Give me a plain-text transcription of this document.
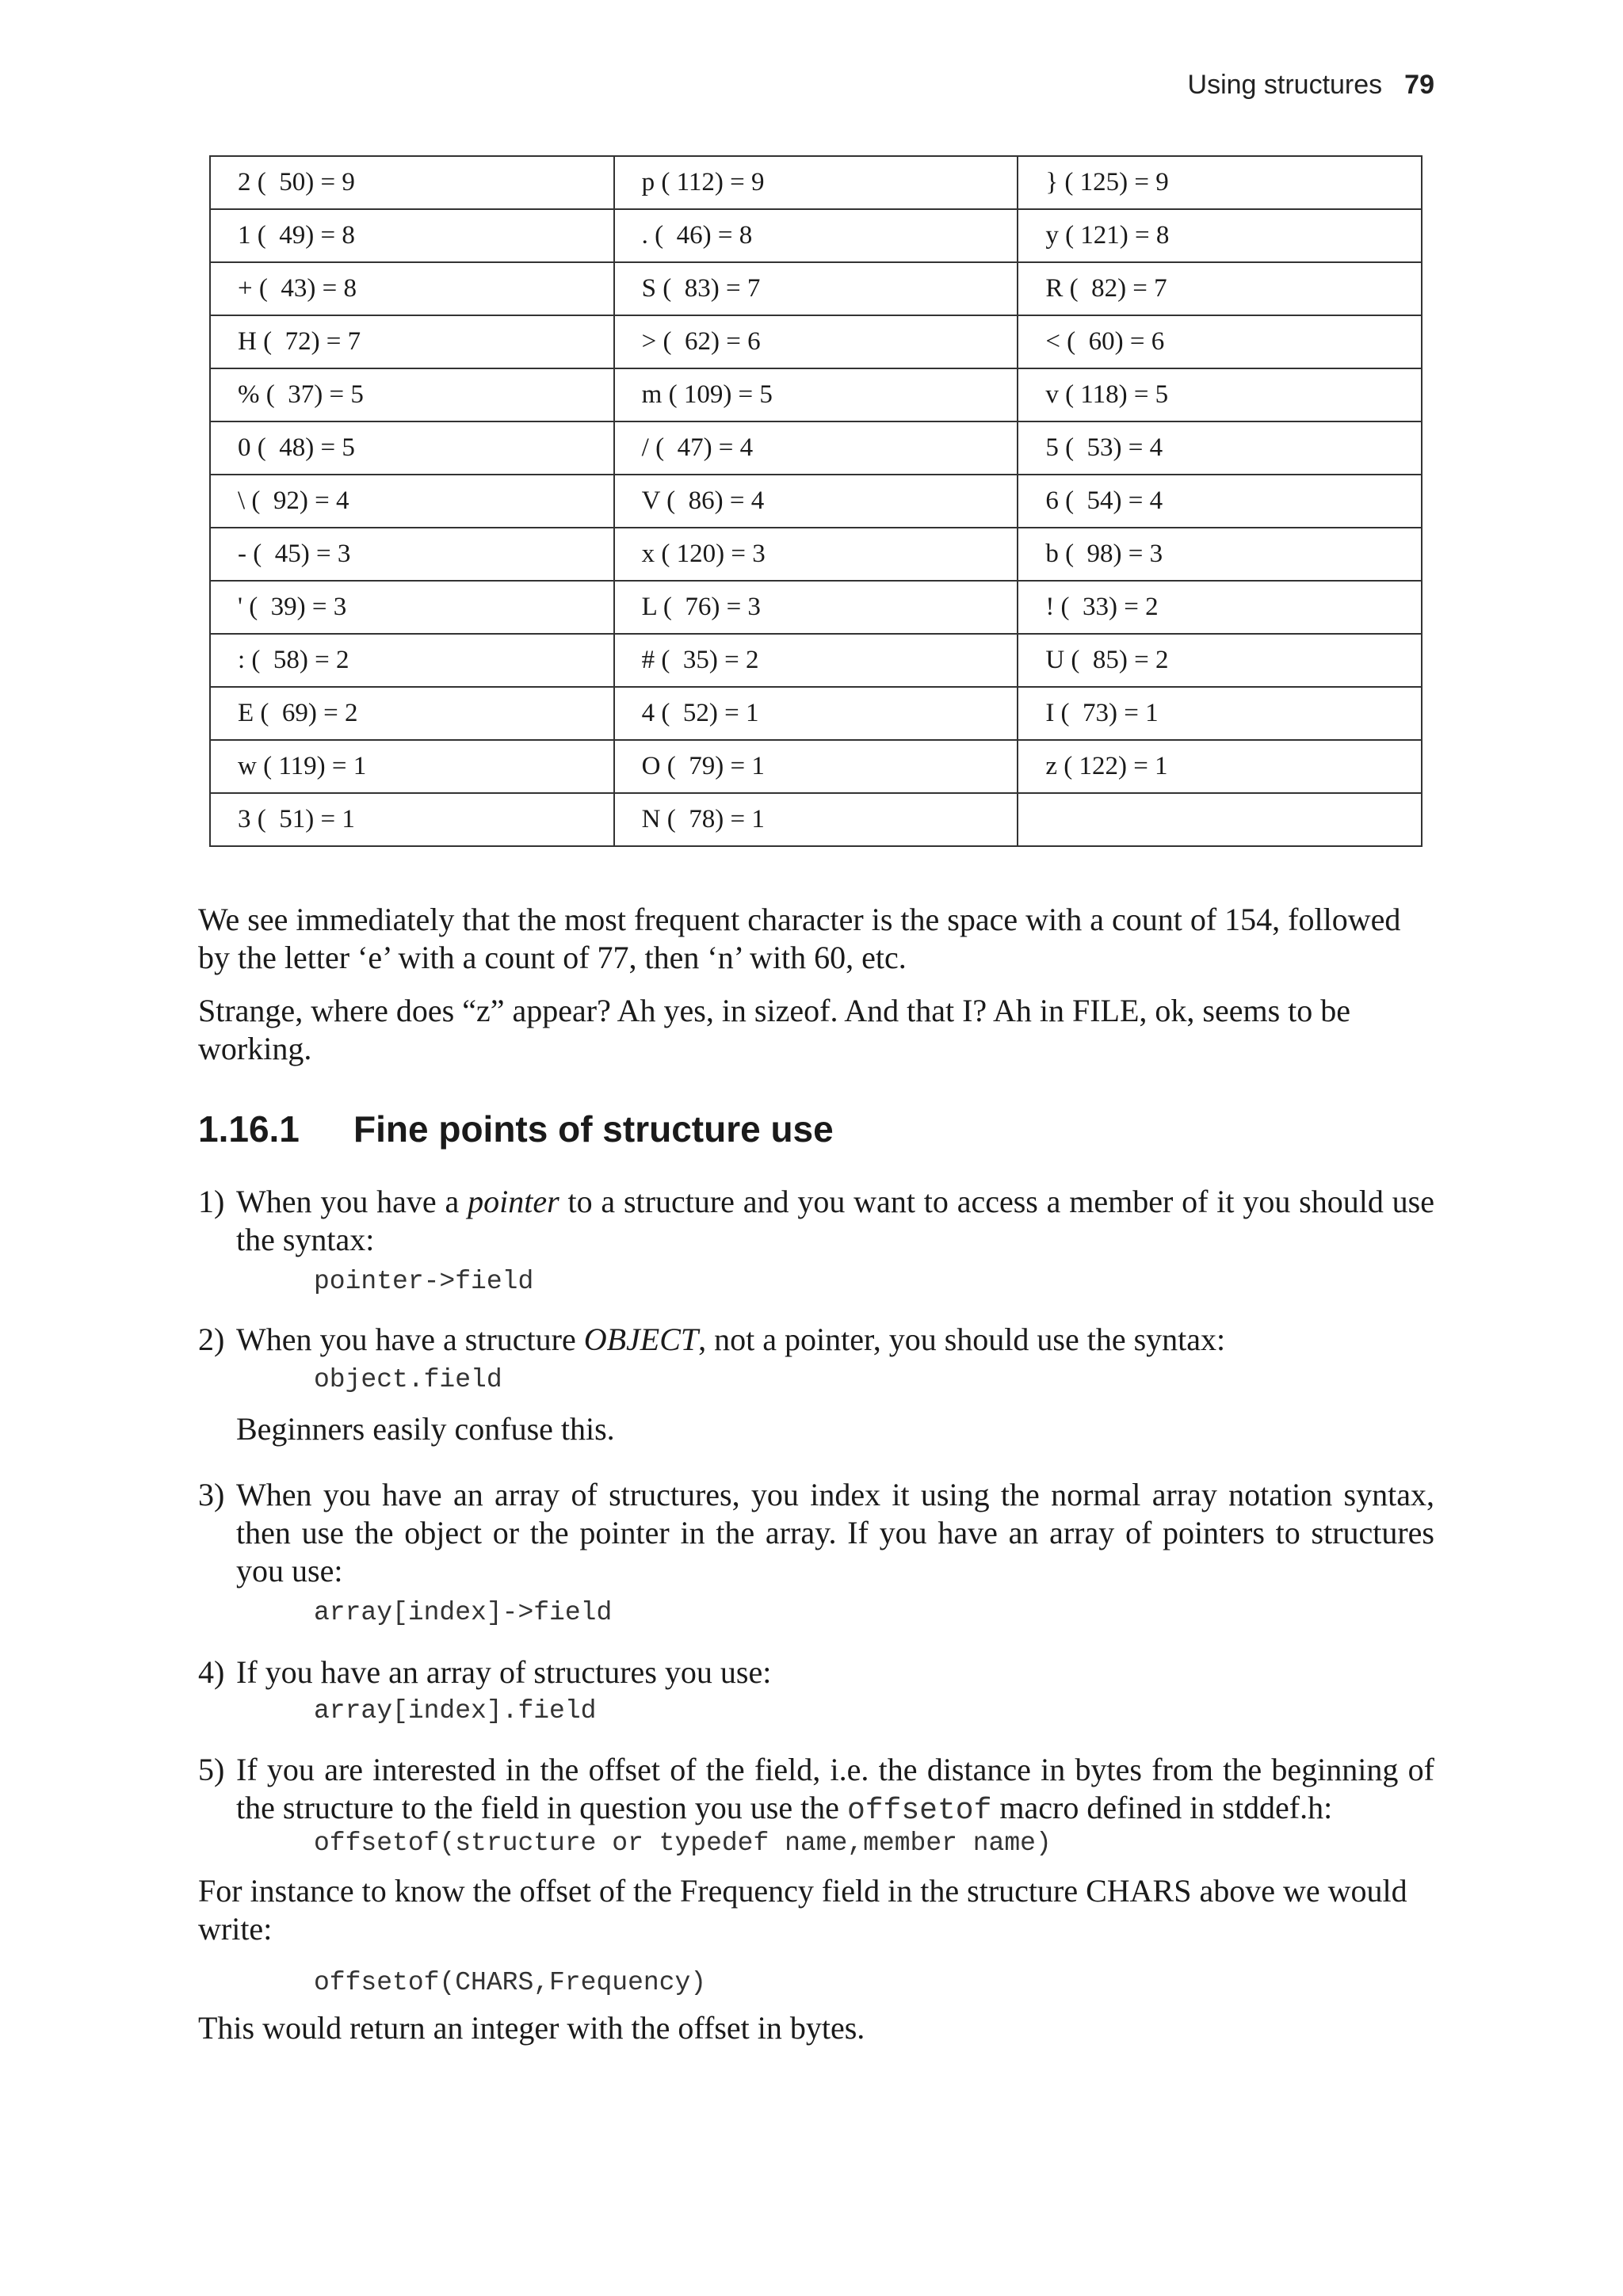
Using structures 79
2 (  50) = 9	p ( 112) = 9	} ( 125) = 9
1 (  49) = 8	. (  46) = 8	y ( 121) = 8
+ (  43) = 8	S (  83) = 7	R (  82) = 7
H (  72) = 7	> (  62) = 6	< (  60) = 6
% (  37) = 5	m ( 109) = 5	v ( 118) = 5
0 (  48) = 5	/ (  47) = 4	5 (  53) = 4
\ (  92) = 4	V (  86) = 4	6 (  54) = 4
- (  45) = 3	x ( 120) = 3	b (  98) = 3
' (  39) = 3	L (  76) = 3	! (  33) = 2
: (  58) = 2	# (  35) = 2	U (  85) = 2
E (  69) = 2	4 (  52) = 1	I (  73) = 1
w ( 119) = 1	O (  79) = 1	z ( 122) = 1
3 (  51) = 1	N (  78) = 1	

We see immediately that the most frequent character is the space with a count of 154, followed by the letter ‘e’ with a count of 77, then ‘n’ with 60, etc.

Strange, where does “z” appear? Ah yes, in sizeof. And that I? Ah in FILE, ok, seems to be working.

1.16.1 Fine points of structure use
1) When you have a pointer to a structure and you want to access a member of it you should use the syntax:
pointer->field
2) When you have a structure OBJECT, not a pointer, you should use the syntax:
object.field
Beginners easily confuse this.
3) When you have an array of structures, you index it using the normal array notation syntax, then use the object or the pointer in the array. If you have an array of pointers to structures you use:
array[index]->field
4) If you have an array of structures you use:
array[index].field
5) If you are interested in the offset of the field, i.e. the distance in bytes from the beginning of the structure to the field in question you use the offsetof macro defined in stddef.h:
offsetof(structure or typedef name,member name)

For instance to know the offset of the Frequency field in the structure CHARS above we would write:

offsetof(CHARS,Frequency)

This would return an integer with the offset in bytes.
